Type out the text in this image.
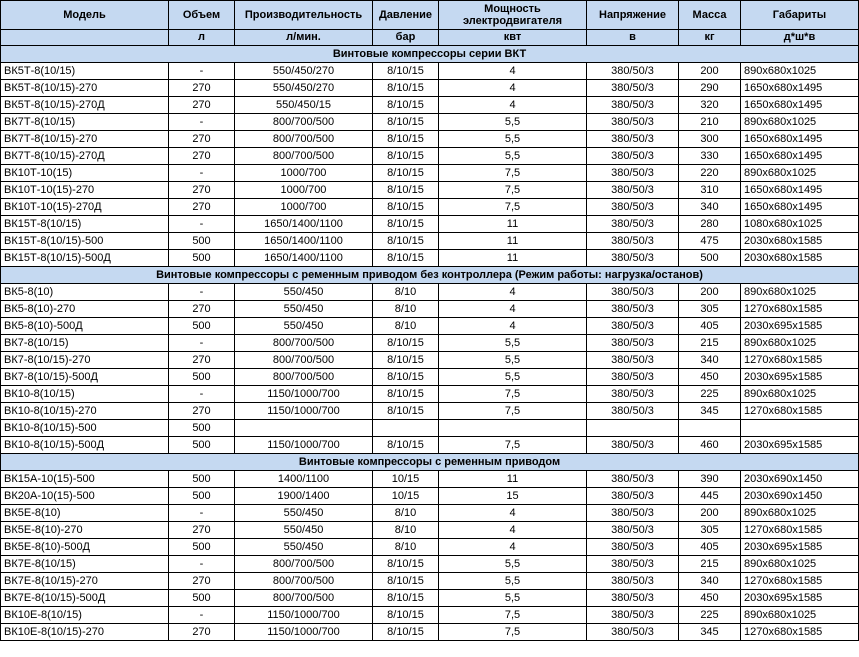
Модель	Объем	Производительность	Давление	Мощность электродвигателя	Напряжение	Масса	Габариты
	л	л/мин.	бар	квт	в	кг	д*ш*в
Винтовые компрессоры серии ВКТ							
ВК5Т-8(10/15)	-	550/450/270	8/10/15	4	380/50/3	200	890x680x1025
ВК5Т-8(10/15)-270	270	550/450/270	8/10/15	4	380/50/3	290	1650x680x1495
ВК5Т-8(10/15)-270Д	270	550/450/15	8/10/15	4	380/50/3	320	1650x680x1495
ВК7Т-8(10/15)	-	800/700/500	8/10/15	5,5	380/50/3	210	890x680x1025
ВК7Т-8(10/15)-270	270	800/700/500	8/10/15	5,5	380/50/3	300	1650x680x1495
ВК7Т-8(10/15)-270Д	270	800/700/500	8/10/15	5,5	380/50/3	330	1650x680x1495
ВК10Т-10(15)	-	1000/700	8/10/15	7,5	380/50/3	220	890x680x1025
ВК10Т-10(15)-270	270	1000/700	8/10/15	7,5	380/50/3	310	1650x680x1495
ВК10Т-10(15)-270Д	270	1000/700	8/10/15	7,5	380/50/3	340	1650x680x1495
ВК15Т-8(10/15)	-	1650/1400/1100	8/10/15	11	380/50/3	280	1080x680x1025
ВК15Т-8(10/15)-500	500	1650/1400/1100	8/10/15	11	380/50/3	475	2030x680x1585
ВК15Т-8(10/15)-500Д	500	1650/1400/1100	8/10/15	11	380/50/3	500	2030x680x1585
Винтовые компрессоры с ременным приводом без контроллера (Режим работы: нагрузка/останов)							
ВК5-8(10)	-	550/450	8/10	4	380/50/3	200	890x680x1025
ВК5-8(10)-270	270	550/450	8/10	4	380/50/3	305	1270x680x1585
ВК5-8(10)-500Д	500	550/450	8/10	4	380/50/3	405	2030x695x1585
ВК7-8(10/15)	-	800/700/500	8/10/15	5,5	380/50/3	215	890x680x1025
ВК7-8(10/15)-270	270	800/700/500	8/10/15	5,5	380/50/3	340	1270x680x1585
ВК7-8(10/15)-500Д	500	800/700/500	8/10/15	5,5	380/50/3	450	2030x695x1585
ВК10-8(10/15)	-	1150/1000/700	8/10/15	7,5	380/50/3	225	890x680x1025
ВК10-8(10/15)-270	270	1150/1000/700	8/10/15	7,5	380/50/3	345	1270x680x1585
ВК10-8(10/15)-500	500						
ВК10-8(10/15)-500Д	500	1150/1000/700	8/10/15	7,5	380/50/3	460	2030x695x1585
Винтовые компрессоры с ременным приводом							
ВК15А-10(15)-500	500	1400/1100	10/15	11	380/50/3	390	2030x690x1450
ВК20А-10(15)-500	500	1900/1400	10/15	15	380/50/3	445	2030x690x1450
ВК5Е-8(10)	-	550/450	8/10	4	380/50/3	200	890x680x1025
ВК5Е-8(10)-270	270	550/450	8/10	4	380/50/3	305	1270x680x1585
ВК5Е-8(10)-500Д	500	550/450	8/10	4	380/50/3	405	2030x695x1585
ВК7Е-8(10/15)	-	800/700/500	8/10/15	5,5	380/50/3	215	890x680x1025
ВК7Е-8(10/15)-270	270	800/700/500	8/10/15	5,5	380/50/3	340	1270x680x1585
ВК7Е-8(10/15)-500Д	500	800/700/500	8/10/15	5,5	380/50/3	450	2030x695x1585
ВК10Е-8(10/15)	-	1150/1000/700	8/10/15	7,5	380/50/3	225	890x680x1025
ВК10Е-8(10/15)-270	270	1150/1000/700	8/10/15	7,5	380/50/3	345	1270x680x1585
